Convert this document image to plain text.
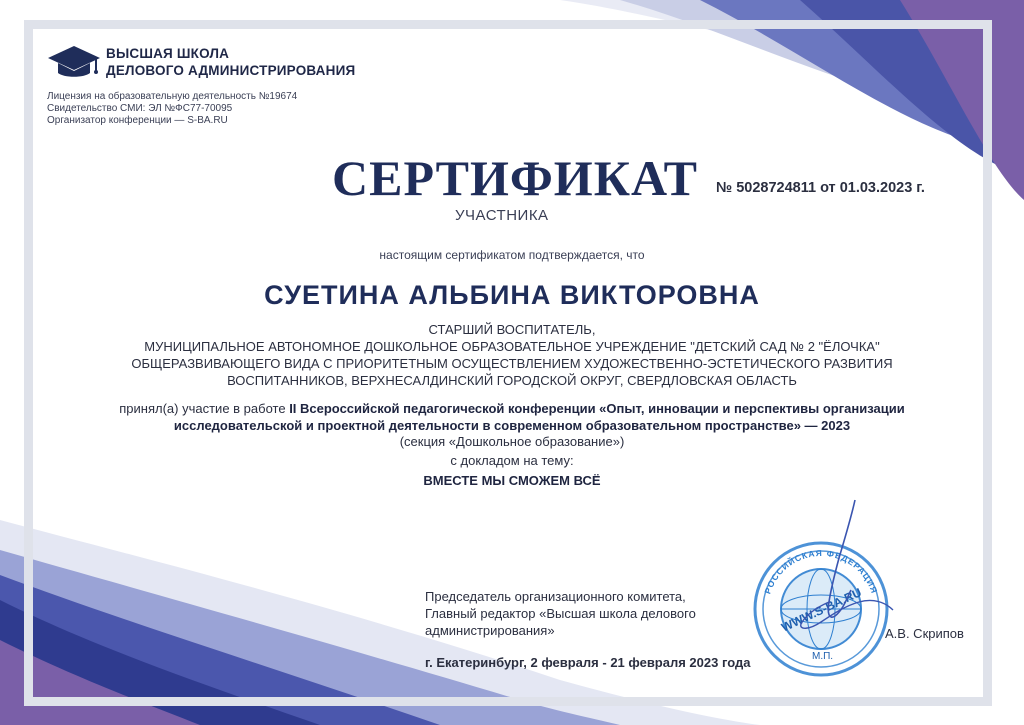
ВЫСШАЯ ШКОЛА
ДЕЛОВОГО АДМИНИСТРИРОВАНИЯ
Лицензия на образовательную деятельность №19674
Свидетельство СМИ: ЭЛ №ФС77-70095
Организатор конференции — S-BA.RU
СЕРТИФИКАТ № 5028724811 от 01.03.2023 г.
УЧАСТНИКА
настоящим сертификатом подтверждается, что
СУЕТИНА АЛЬБИНА ВИКТОРОВНА
СТАРШИЙ ВОСПИТАТЕЛЬ,
МУНИЦИПАЛЬНОЕ АВТОНОМНОЕ ДОШКОЛЬНОЕ ОБРАЗОВАТЕЛЬНОЕ УЧРЕЖДЕНИЕ "ДЕТСКИЙ САД № 2 "ЁЛОЧКА"
ОБЩЕРАЗВИВАЮЩЕГО ВИДА С ПРИОРИТЕТНЫМ ОСУЩЕСТВЛЕНИЕМ ХУДОЖЕСТВЕННО-ЭСТЕТИЧЕСКОГО РАЗВИТИЯ
ВОСПИТАННИКОВ, ВЕРХНЕСАЛДИНСКИЙ ГОРОДСКОЙ ОКРУГ, СВЕРДЛОВСКАЯ ОБЛАСТЬ
принял(а) участие в работе II Всероссийской педагогической конференции «Опыт, инновации и перспективы организации
исследовательской и проектной деятельности в современном образовательном пространстве» — 2023
(секция «Дошкольное образование»)
с докладом на тему:
ВМЕСТЕ МЫ СМОЖЕМ ВСЁ
Председатель организационного комитета,
Главный редактор «Высшая школа делового
администрирования»
РОССИЙСКАЯ ФЕДЕРАЦИЯ
WWW.S-BA.RU
М.П.
А.В. Скрипов
г. Екатеринбург, 2 февраля - 21 февраля 2023 года
